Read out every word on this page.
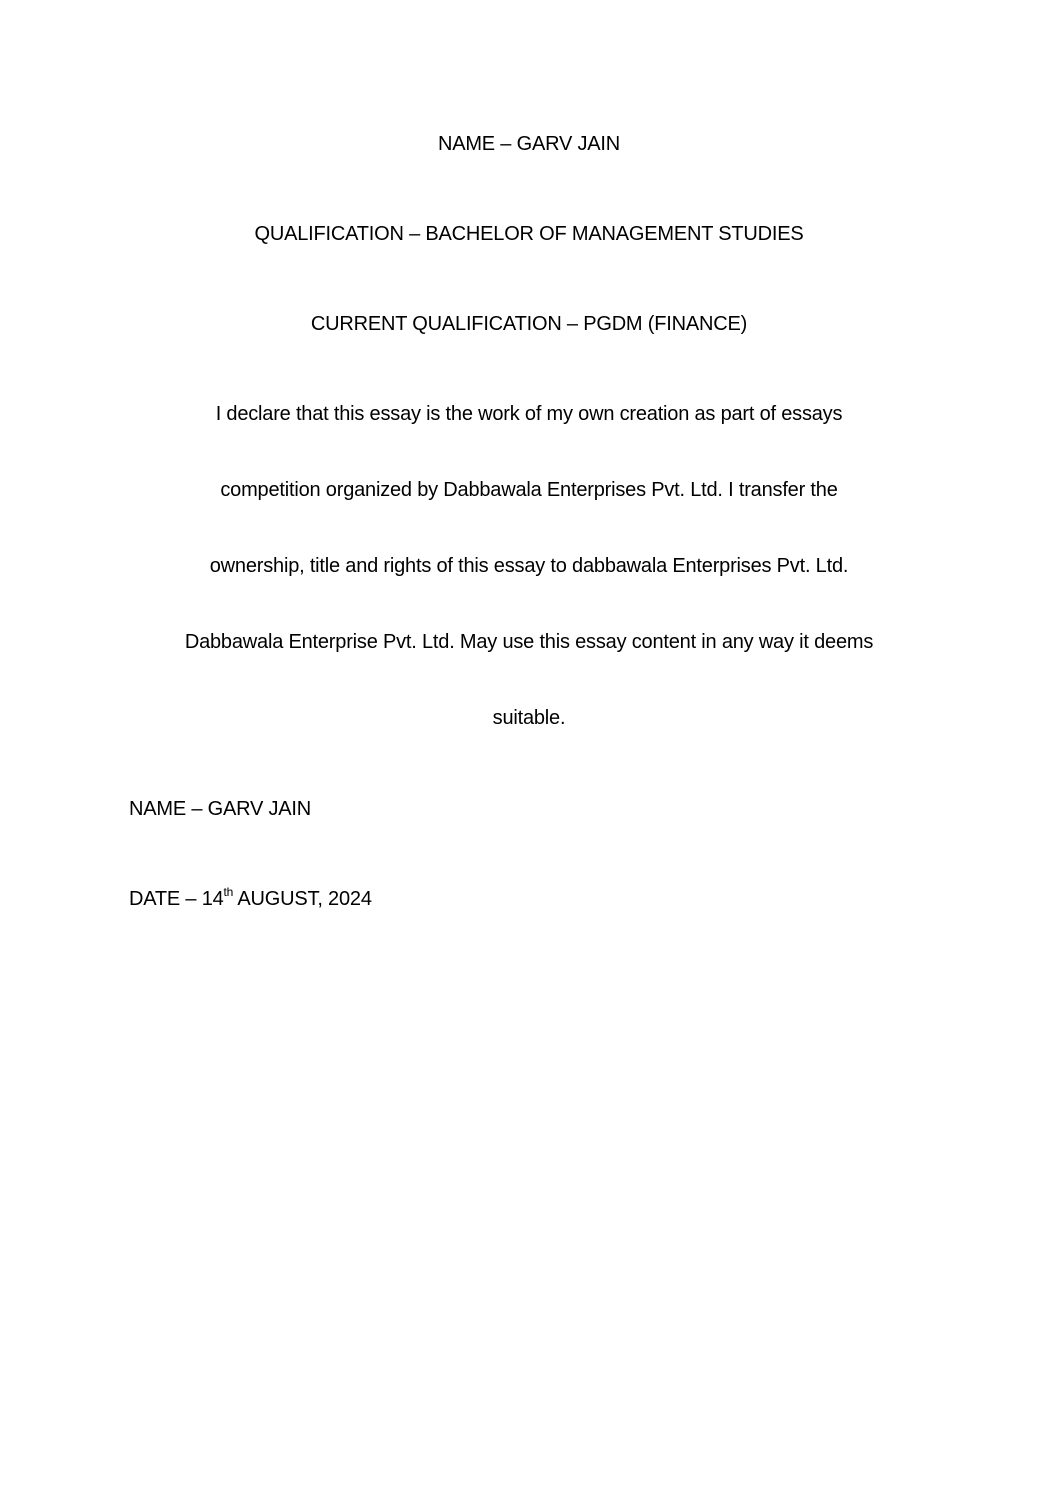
NAME – GARV JAIN
QUALIFICATION – BACHELOR OF MANAGEMENT STUDIES
CURRENT QUALIFICATION – PGDM (FINANCE)
I declare that this essay is the work of my own creation as part of essays
competition organized by Dabbawala Enterprises Pvt. Ltd. I transfer the
ownership, title and rights of this essay to dabbawala Enterprises Pvt. Ltd.
Dabbawala Enterprise Pvt. Ltd. May use this essay content in any way it deems
suitable.
NAME – GARV JAIN
DATE – 14th AUGUST, 2024
